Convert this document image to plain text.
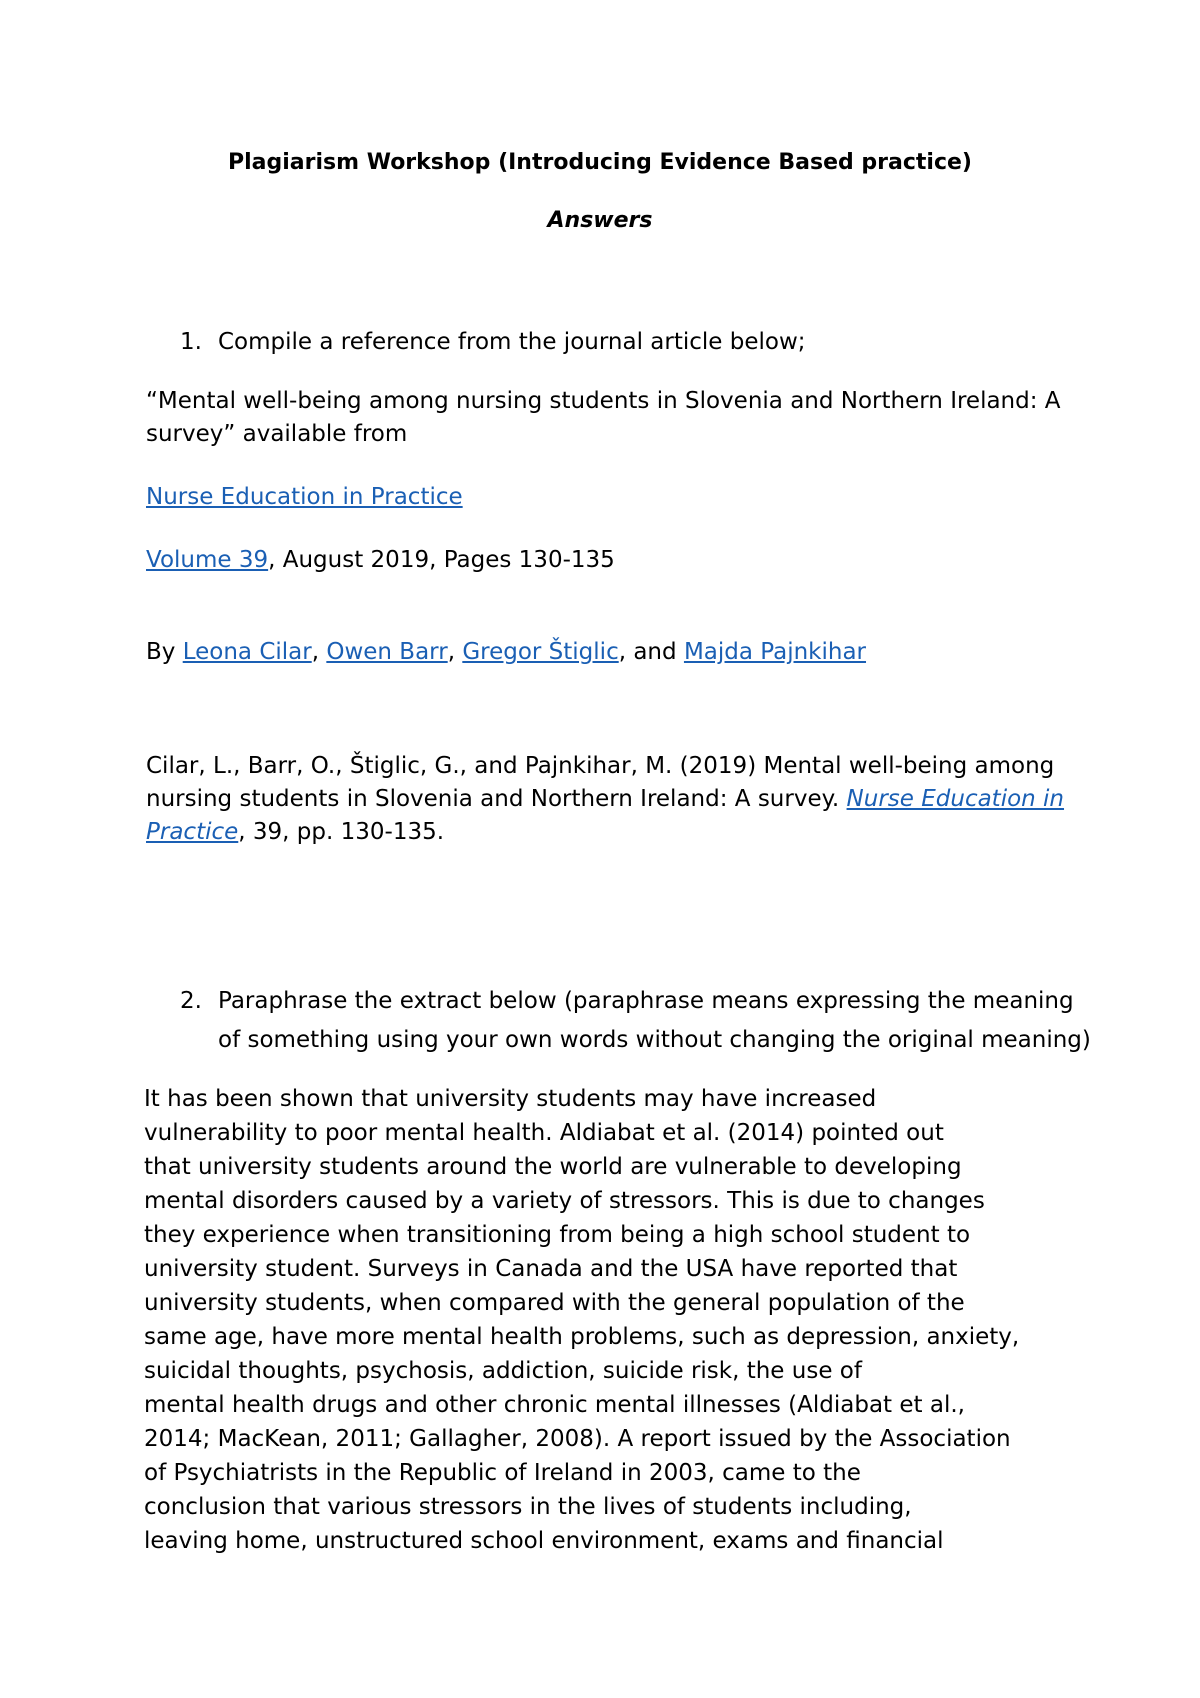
Plagiarism Workshop (Introducing Evidence Based practice)
Answers
1. Compile a reference from the journal article below;
“Mental well-being among nursing students in Slovenia and Northern Ireland: A
survey” available from
Nurse Education in Practice
Volume 39, August 2019, Pages 130-135
By Leona Cilar, Owen Barr, Gregor Štiglic, and Majda Pajnkihar
Cilar, L., Barr, O., Štiglic, G., and Pajnkihar, M. (2019) Mental well-being among
nursing students in Slovenia and Northern Ireland: A survey. Nurse Education in
Practice, 39, pp. 130-135.
2. Paraphrase the extract below (paraphrase means expressing the meaning
of something using your own words without changing the original meaning)
It has been shown that university students may have increased
vulnerability to poor mental health. Aldiabat et al. (2014) pointed out
that university students around the world are vulnerable to developing
mental disorders caused by a variety of stressors. This is due to changes
they experience when transitioning from being a high school student to
university student. Surveys in Canada and the USA have reported that
university students, when compared with the general population of the
same age, have more mental health problems, such as depression, anxiety,
suicidal thoughts, psychosis, addiction, suicide risk, the use of
mental health drugs and other chronic mental illnesses (Aldiabat et al.,
2014; MacKean, 2011; Gallagher, 2008). A report issued by the Association
of Psychiatrists in the Republic of Ireland in 2003, came to the
conclusion that various stressors in the lives of students including,
leaving home, unstructured school environment, exams and financial
